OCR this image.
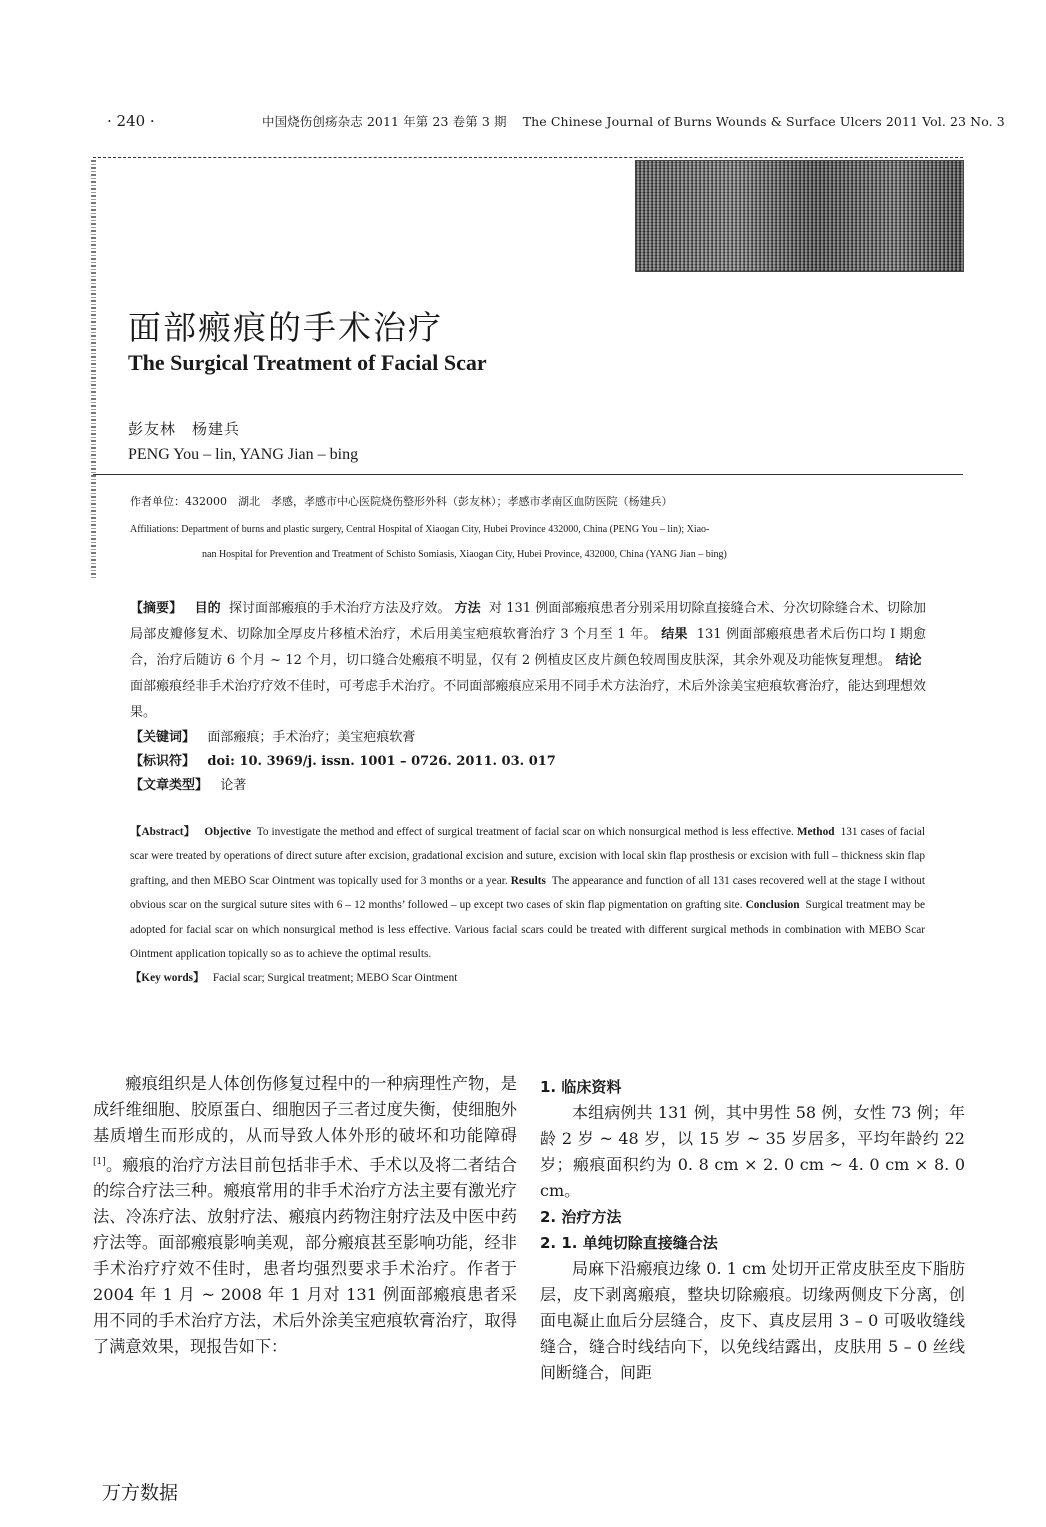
· 240 ·	中国烧伤创疡杂志 2011 年第 23 卷第 3 期 The Chinese Journal of Burns Wounds & Surface Ulcers 2011 Vol. 23 No. 3
面部瘢痕的手术治疗
The Surgical Treatment of Facial Scar
彭友林　杨建兵
PENG You – lin, YANG Jian – bing
作者单位：432000　湖北　孝感，孝感市中心医院烧伤整形外科（彭友林）；孝感市孝南区血防医院（杨建兵）
Affiliations: Department of burns and plastic surgery, Central Hospital of Xiaogan City, Hubei Province 432000, China (PENG You – lin); Xiao-
nan Hospital for Prevention and Treatment of Schisto Somiasis, Xiaogan City, Hubei Province, 432000, China (YANG Jian – bing)
【摘要】 目的 探讨面部瘢痕的手术治疗方法及疗效。 方法 对 131 例面部瘢痕患者分别采用切除直接缝合术、分次切除缝合术、切除加局部皮瓣修复术、切除加全厚皮片移植术治疗，术后用美宝疤痕软膏治疗 3 个月至 1 年。 结果 131 例面部瘢痕患者术后伤口均 I 期愈合，治疗后随访 6 个月 ~ 12 个月，切口缝合处瘢痕不明显，仅有 2 例植皮区皮片颜色较周围皮肤深，其余外观及功能恢复理想。 结论  面部瘢痕经非手术治疗疗效不佳时，可考虑手术治疗。不同面部瘢痕应采用不同手术方法治疗，术后外涂美宝疤痕软膏治疗，能达到理想效果。
【关键词】 面部瘢痕；手术治疗；美宝疤痕软膏
【标识符】 doi: 10. 3969/j. issn. 1001 – 0726. 2011. 03. 017
【文章类型】 论著
【Abstract】 Objective To investigate the method and effect of surgical treatment of facial scar on which nonsurgical method is less effective. Method 131 cases of facial scar were treated by operations of direct suture after excision, gradational excision and suture, excision with local skin flap prosthesis or excision with full – thickness skin flap grafting, and then MEBO Scar Ointment was topically used for 3 months or a year. Results The appearance and function of all 131 cases recovered well at the stage I without obvious scar on the surgical suture sites with 6 – 12 months’ followed – up except two cases of skin flap pigmentation on grafting site. Conclusion Surgical treatment may be adopted for facial scar on which nonsurgical method is less effective. Various facial scars could be treated with different surgical methods in combination with MEBO Scar Ointment application topically so as to achieve the optimal results.
【Key words】 Facial scar; Surgical treatment; MEBO Scar Ointment

瘢痕组织是人体创伤修复过程中的一种病理性产物，是成纤维细胞、胶原蛋白、细胞因子三者过度失衡，使细胞外基质增生而形成的，从而导致人体外形的破坏和功能障碍[1]。瘢痕的治疗方法目前包括非手术、手术以及将二者结合的综合疗法三种。瘢痕常用的非手术治疗方法主要有激光疗法、冷冻疗法、放射疗法、瘢痕内药物注射疗法及中医中药疗法等。面部瘢痕影响美观，部分瘢痕甚至影响功能，经非手术治疗疗效不佳时，患者均强烈要求手术治疗。作者于 2004 年 1 月 ~ 2008 年 1 月对 131 例面部瘢痕患者采用不同的手术治疗方法，术后外涂美宝疤痕软膏治疗，取得了满意效果，现报告如下：

1. 临床资料

本组病例共 131 例，其中男性 58 例，女性 73 例；年龄 2 岁 ~ 48 岁，以 15 岁 ~ 35 岁居多，平均年龄约 22 岁；瘢痕面积约为 0. 8 cm × 2. 0 cm ~ 4. 0 cm × 8. 0 cm。

2. 治疗方法
2. 1. 单纯切除直接缝合法

局麻下沿瘢痕边缘 0. 1 cm 处切开正常皮肤至皮下脂肪层，皮下剥离瘢痕，整块切除瘢痕。切缘两侧皮下分离，创面电凝止血后分层缝合，皮下、真皮层用 3 – 0 可吸收缝线缝合，缝合时线结向下，以免线结露出，皮肤用 5 – 0 丝线间断缝合，间距

万方数据
